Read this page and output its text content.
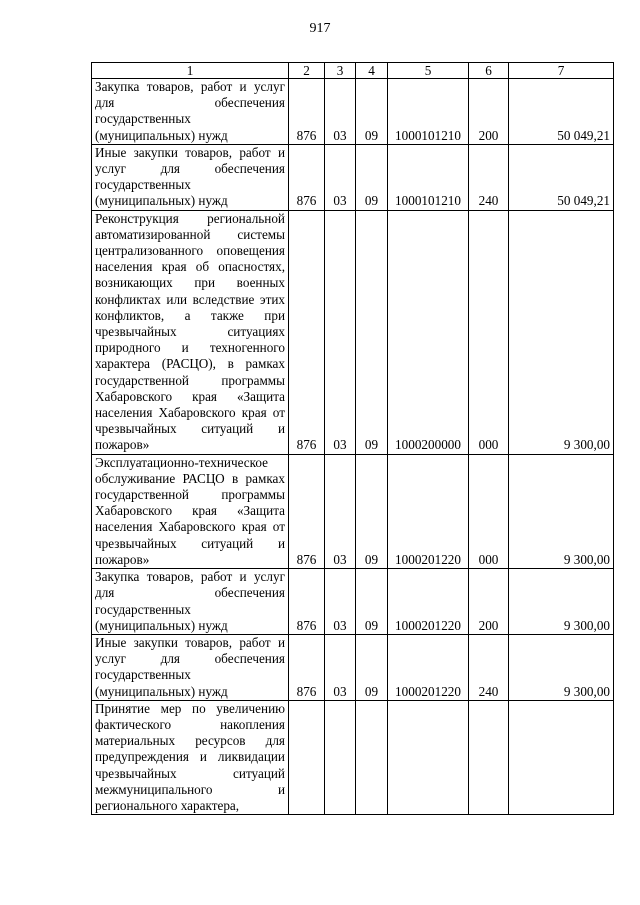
917
1	2	3	4	5	6	7
Закупка товаров, работ и услуг для обеспечения государственных (муниципальных) нужд	876	03	09	1000101210	200	50 049,21
Иные закупки товаров, работ и услуг для обеспечения государственных (муниципальных) нужд	876	03	09	1000101210	240	50 049,21
Реконструкция региональной автоматизированной системы централизованного оповещения населения края об опасностях, возникающих при военных конфликтах или вследствие этих конфликтов, а также при чрезвычайных ситуациях природного и техногенного характера (РАСЦО), в рамках государственной программы Хабаровского края «Защита населения Хабаровского края от чрезвычайных ситуаций и пожаров»	876	03	09	1000200000	000	9 300,00
Эксплуатационно-техническое обслуживание РАСЦО в рамках государственной программы Хабаровского края «Защита населения Хабаровского края от чрезвычайных ситуаций и пожаров»	876	03	09	1000201220	000	9 300,00
Закупка товаров, работ и услуг для обеспечения государственных (муниципальных) нужд	876	03	09	1000201220	200	9 300,00
Иные закупки товаров, работ и услуг для обеспечения государственных (муниципальных) нужд	876	03	09	1000201220	240	9 300,00
Принятие мер по увеличению фактического накопления материальных ресурсов для предупреждения и ликвидации чрезвычайных ситуаций межмуниципального и регионального характера,						
